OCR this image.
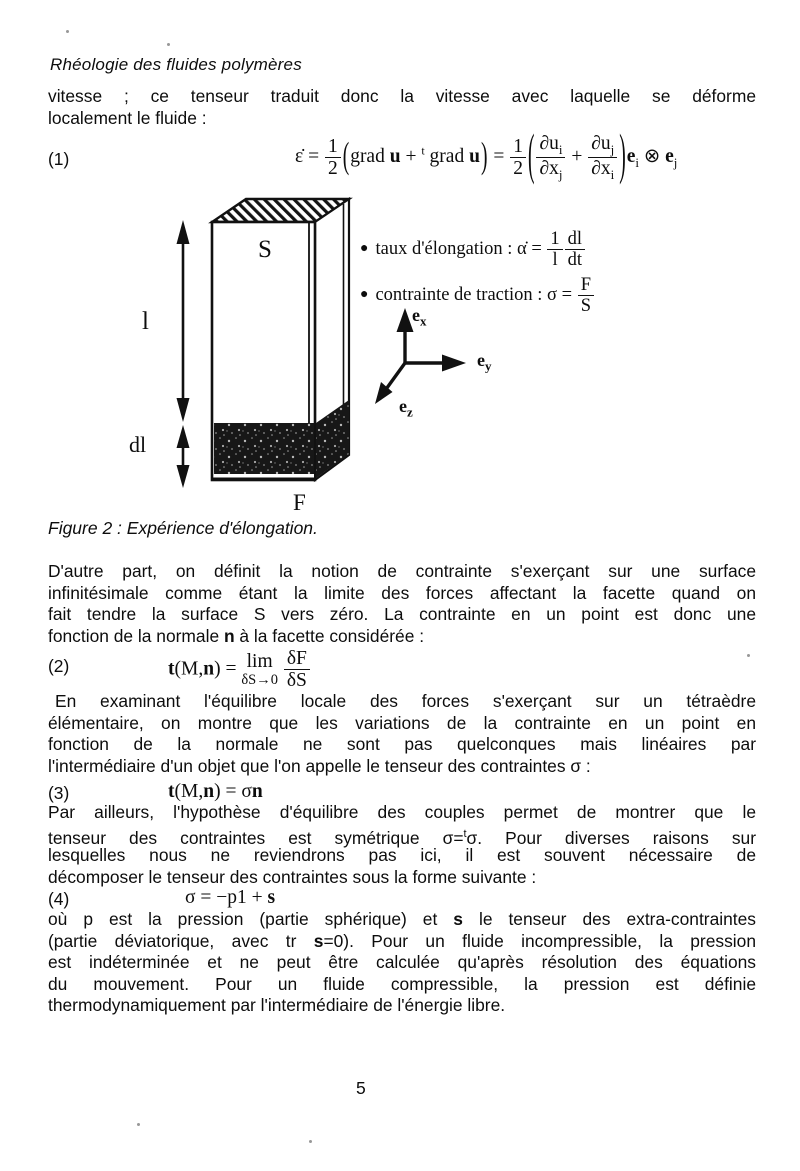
Rhéologie des fluides polymères
vitesse ; ce tenseur traduit donc la vitesse avec laquelle se déforme
localement le fluide :
(1)	ε̇ = $\frac{1}{2}$ (grad u + $^t$ grad $u) = \frac{1}{2}$ ( $\frac{\partial u_i}{\partial x_j} + \frac{\partial u_j}{\partial x_i} )e_i$ ⊗ $e_j$
S
l
dl
F
$e_x$
$e_y$
$e_z$
● taux d'élongation : α̇ = $\frac{1}{l} \frac{dl}{dt}$
● contrainte de traction : $\sigma = \frac{F}{S}$
Figure 2 : Expérience d'élongation.
D'autre part, on définit la notion de contrainte s'exerçant sur une surface
infinitésimale comme étant la limite des forces affectant la facette quand on
fait tendre la surface S vers zéro. La contrainte en un point est donc une
fonction de la normale n à la facette considérée :
(2)	t(M,n) = lim
δS→0
$\frac{\delta F}{\delta S}$
En examinant l'équilibre locale des forces s'exerçant sur un tétraèdre
élémentaire, on montre que les variations de la contrainte en un point en
fonction de la normale ne sont pas quelconques mais linéaires par
l'intermédiaire d'un objet que l'on appelle le tenseur des contraintes σ :
(3)	t(M,n) = σn
Par ailleurs, l'hypothèse d'équilibre des couples permet de montrer que le
tenseur des contraintes est symétrique σ=$^t$σ. Pour diverses raisons sur
lesquelles nous ne reviendrons pas ici, il est souvent nécessaire de
décomposer le tenseur des contraintes sous la forme suivante :
(4)	σ = −p1 + s
où p est la pression (partie sphérique) et s le tenseur des extra-contraintes
(partie déviatorique, avec tr s=0). Pour un fluide incompressible, la pression
est indéterminée et ne peut être calculée qu'après résolution des équations
du mouvement. Pour un fluide compressible, la pression est définie
thermodynamiquement par l'intermédiaire de l'énergie libre.
5
